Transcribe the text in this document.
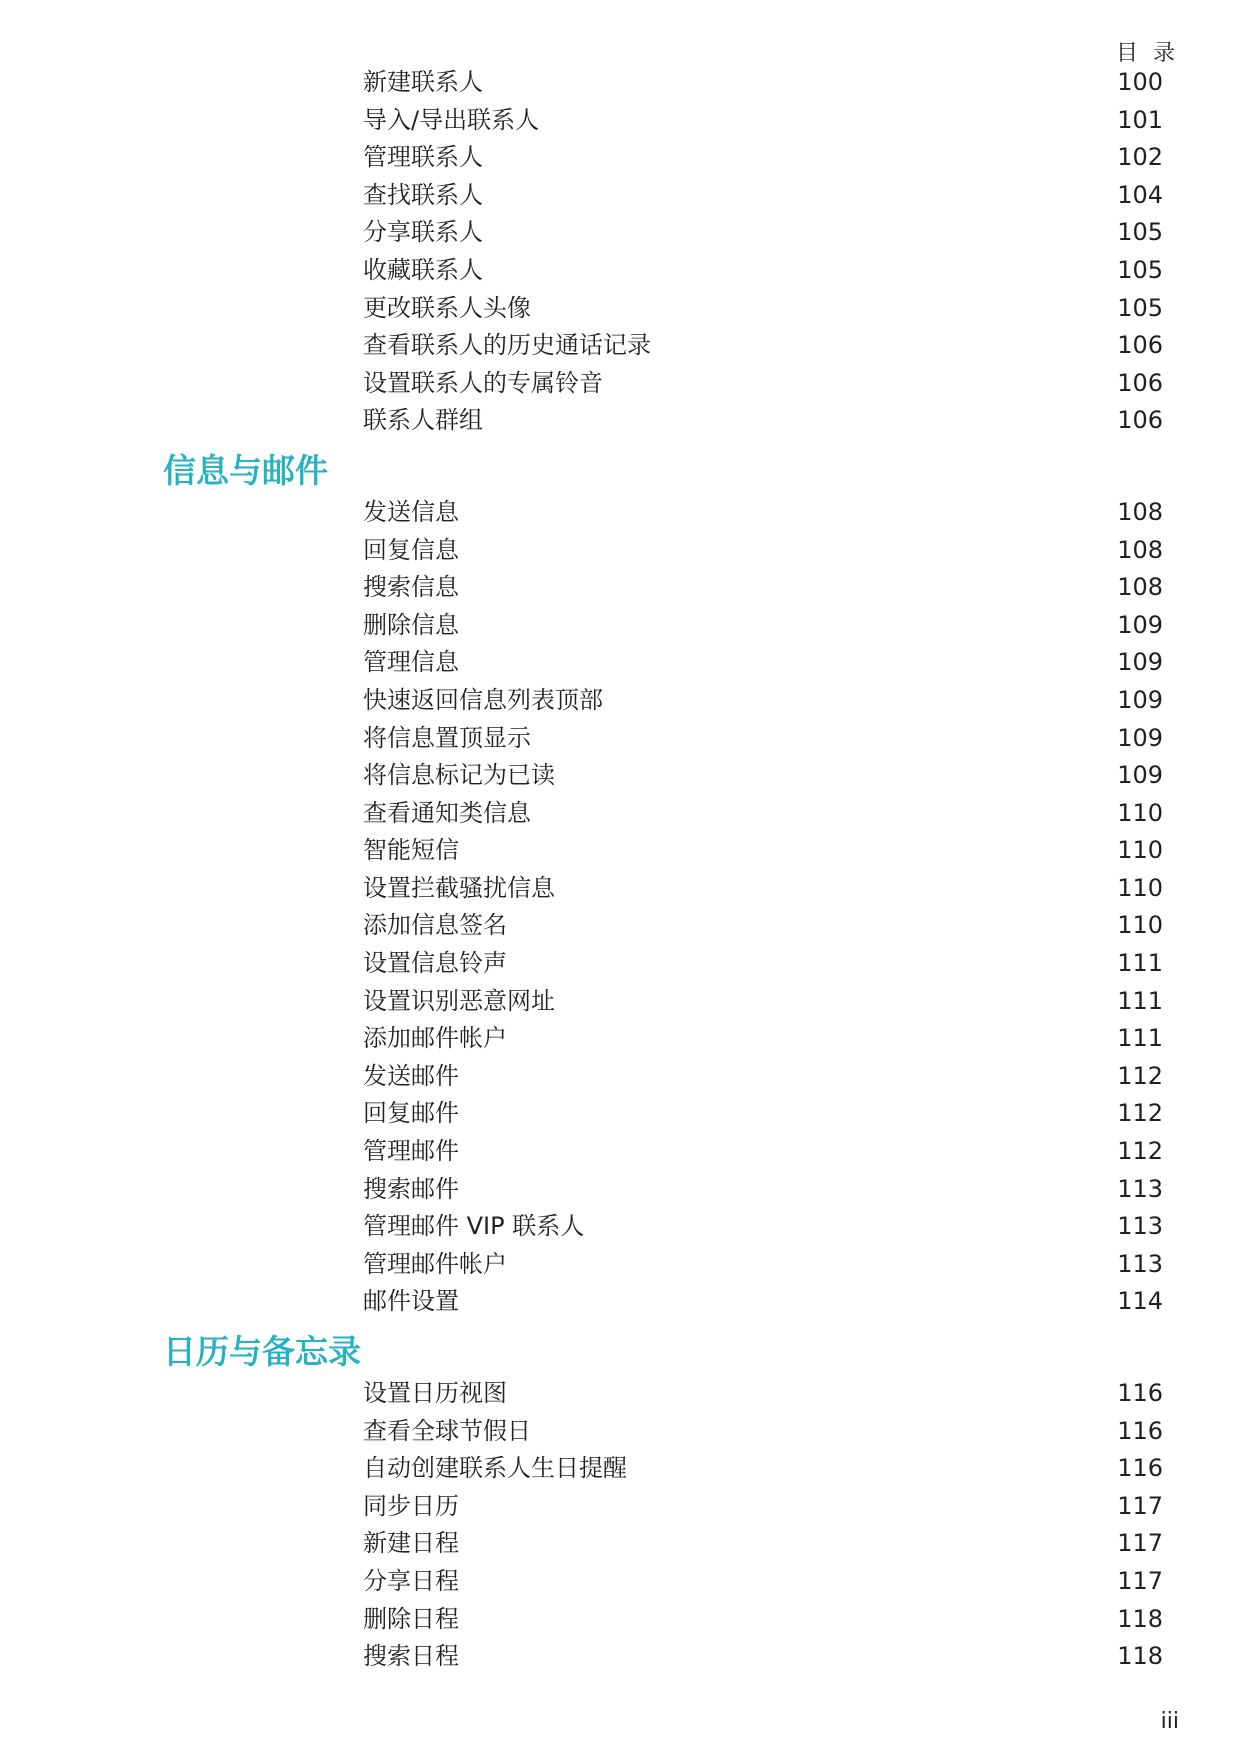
目 录
新建联系人	100
导入/导出联系人	101
管理联系人	102
查找联系人	104
分享联系人	105
收藏联系人	105
更改联系人头像	105
查看联系人的历史通话记录	106
设置联系人的专属铃音	106
联系人群组	106
信息与邮件
发送信息	108
回复信息	108
搜索信息	108
删除信息	109
管理信息	109
快速返回信息列表顶部	109
将信息置顶显示	109
将信息标记为已读	109
查看通知类信息	110
智能短信	110
设置拦截骚扰信息	110
添加信息签名	110
设置信息铃声	111
设置识别恶意网址	111
添加邮件帐户	111
发送邮件	112
回复邮件	112
管理邮件	112
搜索邮件	113
管理邮件 VIP 联系人	113
管理邮件帐户	113
邮件设置	114
日历与备忘录
设置日历视图	116
查看全球节假日	116
自动创建联系人生日提醒	116
同步日历	117
新建日程	117
分享日程	117
删除日程	118
搜索日程	118
iii
